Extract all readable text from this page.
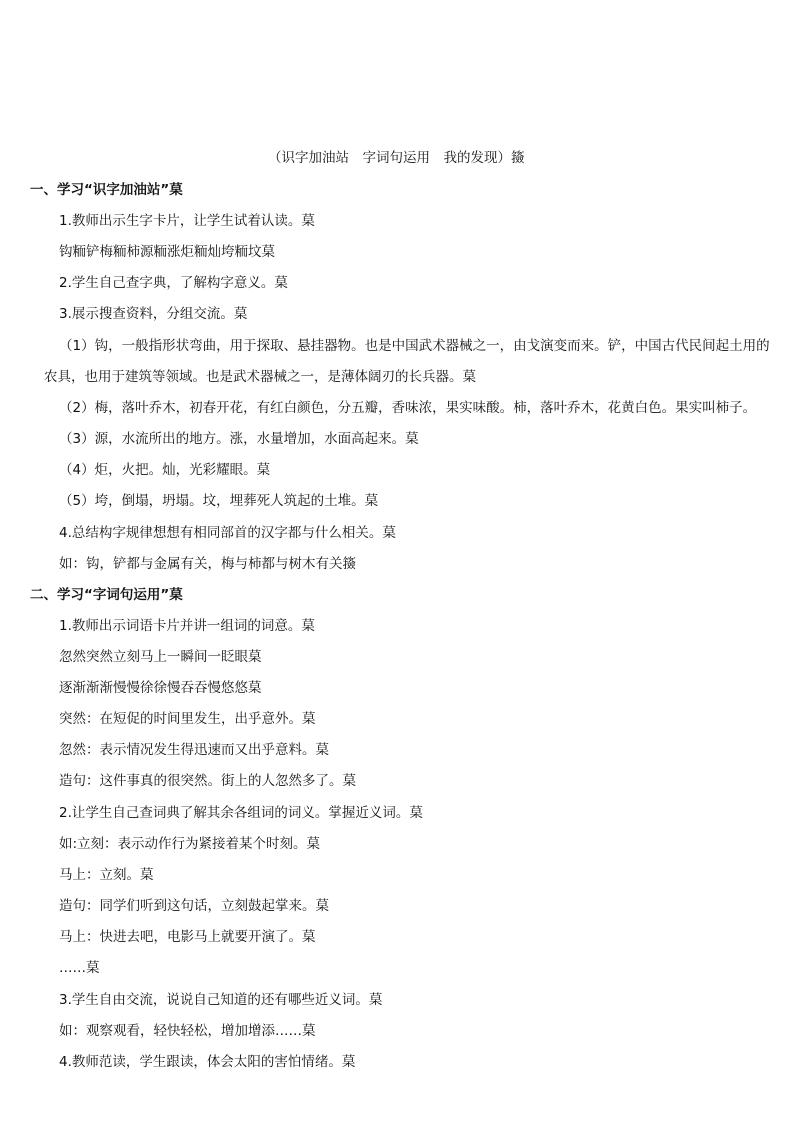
（识字加油站　字词句运用　我的发现）籡
一、学习“识字加油站”菒
1.教师出示生字卡片，让学生试着认读。菒
钩粫铲梅粫柿源粫涨炬粫灿垮粫坟菒
2.学生自己查字典，了解构字意义。菒
3.展示搜查资料，分组交流。菒
（1）钩，一般指形状弯曲，用于探取、悬挂器物。也是中国武术器械之一，由戈演变而来。铲，中国古代民间起土用的农具，也用于建筑等领域。也是武术器械之一，是薄体阔刃的长兵器。菒
（2）梅，落叶乔木，初春开花，有红白颜色，分五瓣，香味浓，果实味酸。柿，落叶乔木，花黄白色。果实叫柿子。
（3）源，水流所出的地方。涨，水量增加，水面高起来。菒
（4）炬，火把。灿，光彩耀眼。菒
（5）垮，倒塌，坍塌。坟，埋葬死人筑起的土堆。菒
4.总结构字规律想想有相同部首的汉字都与什么相关。菒
如：钩，铲都与金属有关，梅与柿都与树木有关籡
二、学习“字词句运用”菒
1.教师出示词语卡片并讲一组词的词意。菒
忽然突然立刻马上一瞬间一眨眼菒
逐渐渐渐慢慢徐徐慢吞吞慢悠悠菒
突然：在短促的时间里发生，出乎意外。菒
忽然：表示情况发生得迅速而又出乎意料。菒
造句：这件事真的很突然。街上的人忽然多了。菒
2.让学生自己查词典了解其余各组词的词义。掌握近义词。菒
如:立刻：表示动作行为紧接着某个时刻。菒
马上：立刻。菒
造句：同学们听到这句话，立刻鼓起掌来。菒
马上：快进去吧，电影马上就要开演了。菒
……菒
3.学生自由交流，说说自己知道的还有哪些近义词。菒
如：观察观看，轻快轻松，增加增添……菒
4.教师范读，学生跟读，体会太阳的害怕情绪。菒
